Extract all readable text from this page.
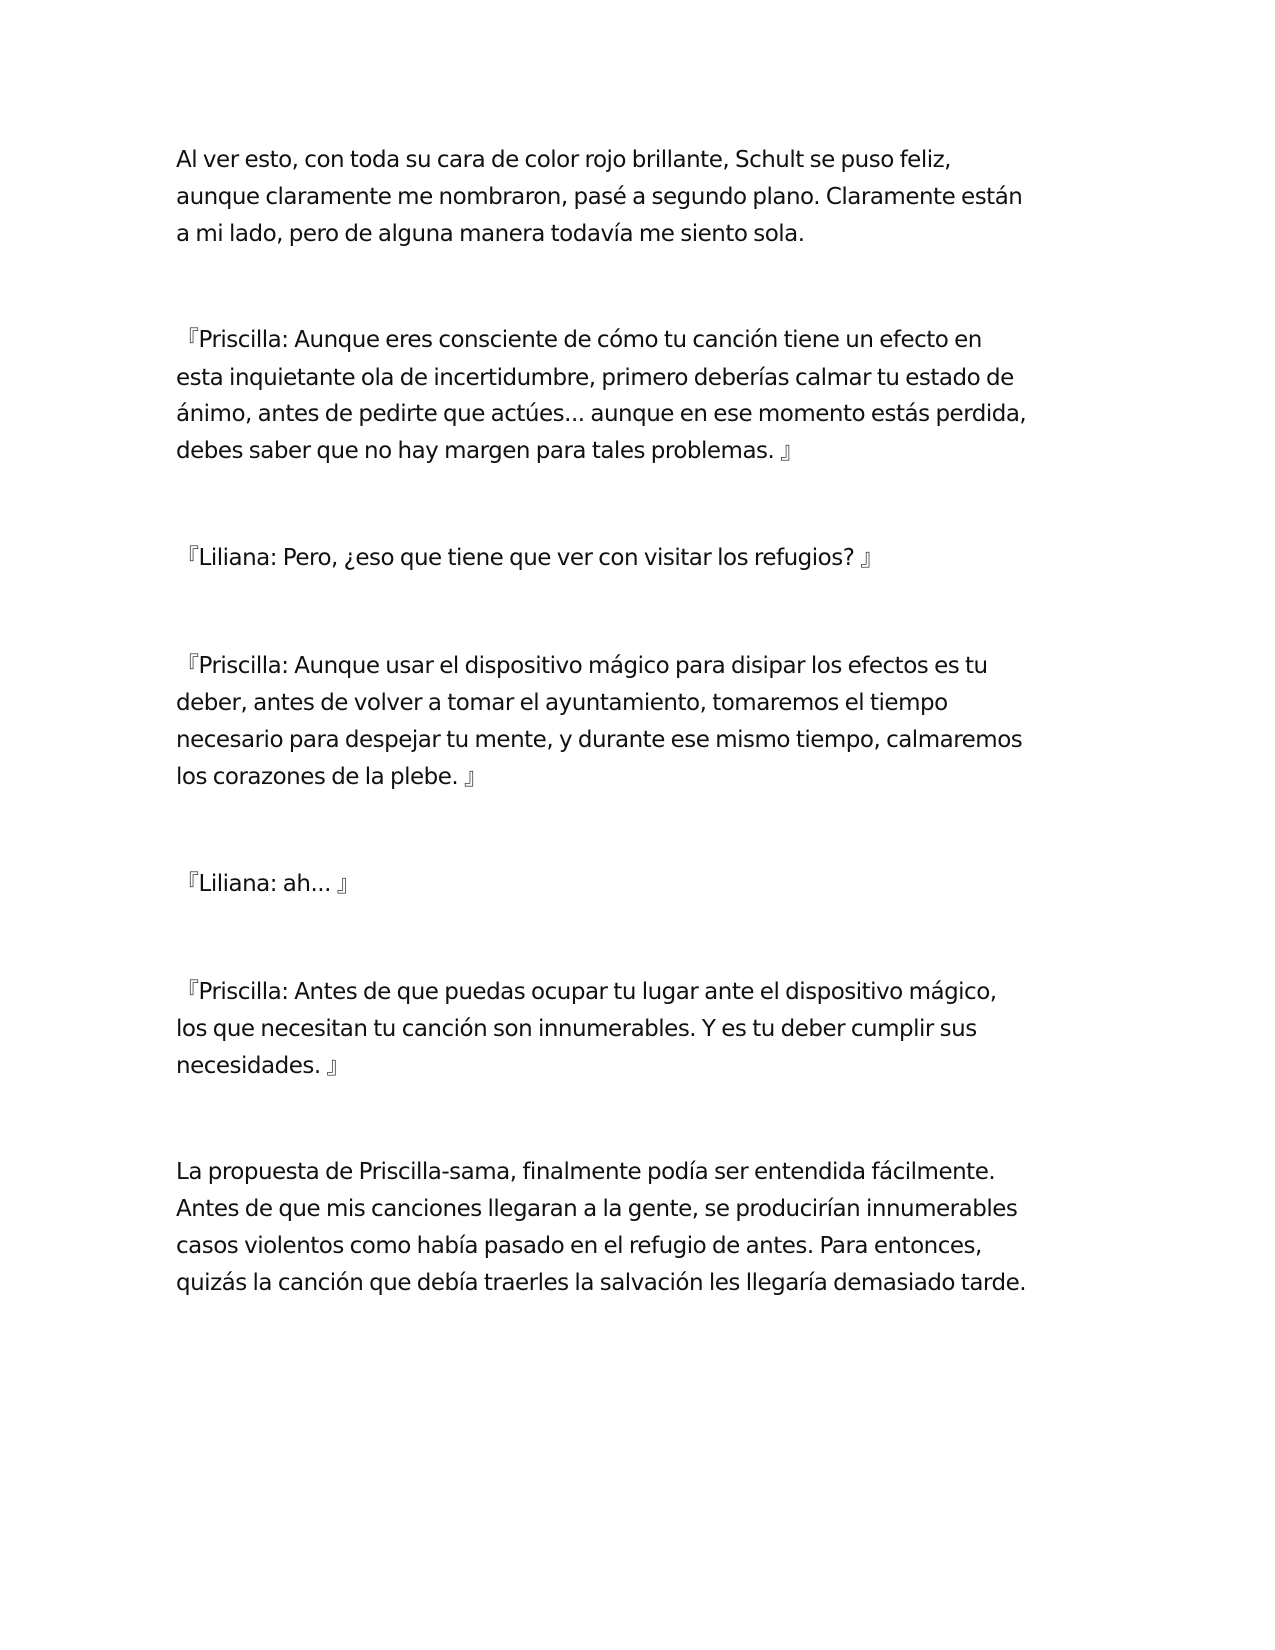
Al ver esto, con toda su cara de color rojo brillante, Schult se puso feliz,

aunque claramente me nombraron, pasé a segundo plano. Claramente están

a mi lado, pero de alguna manera todavía me siento sola.

『Priscilla: Aunque eres consciente de cómo tu canción tiene un efecto en

esta inquietante ola de incertidumbre, primero deberías calmar tu estado de

ánimo, antes de pedirte que actúes... aunque en ese momento estás perdida,

debes saber que no hay margen para tales problemas. 』

『Liliana: Pero, ¿eso que tiene que ver con visitar los refugios? 』

『Priscilla: Aunque usar el dispositivo mágico para disipar los efectos es tu

deber, antes de volver a tomar el ayuntamiento, tomaremos el tiempo

necesario para despejar tu mente, y durante ese mismo tiempo, calmaremos

los corazones de la plebe. 』

『Liliana: ah... 』

『Priscilla: Antes de que puedas ocupar tu lugar ante el dispositivo mágico,

los que necesitan tu canción son innumerables. Y es tu deber cumplir sus

necesidades. 』

La propuesta de Priscilla-sama, finalmente podía ser entendida fácilmente.

Antes de que mis canciones llegaran a la gente, se producirían innumerables

casos violentos como había pasado en el refugio de antes. Para entonces,

quizás la canción que debía traerles la salvación les llegaría demasiado tarde.
